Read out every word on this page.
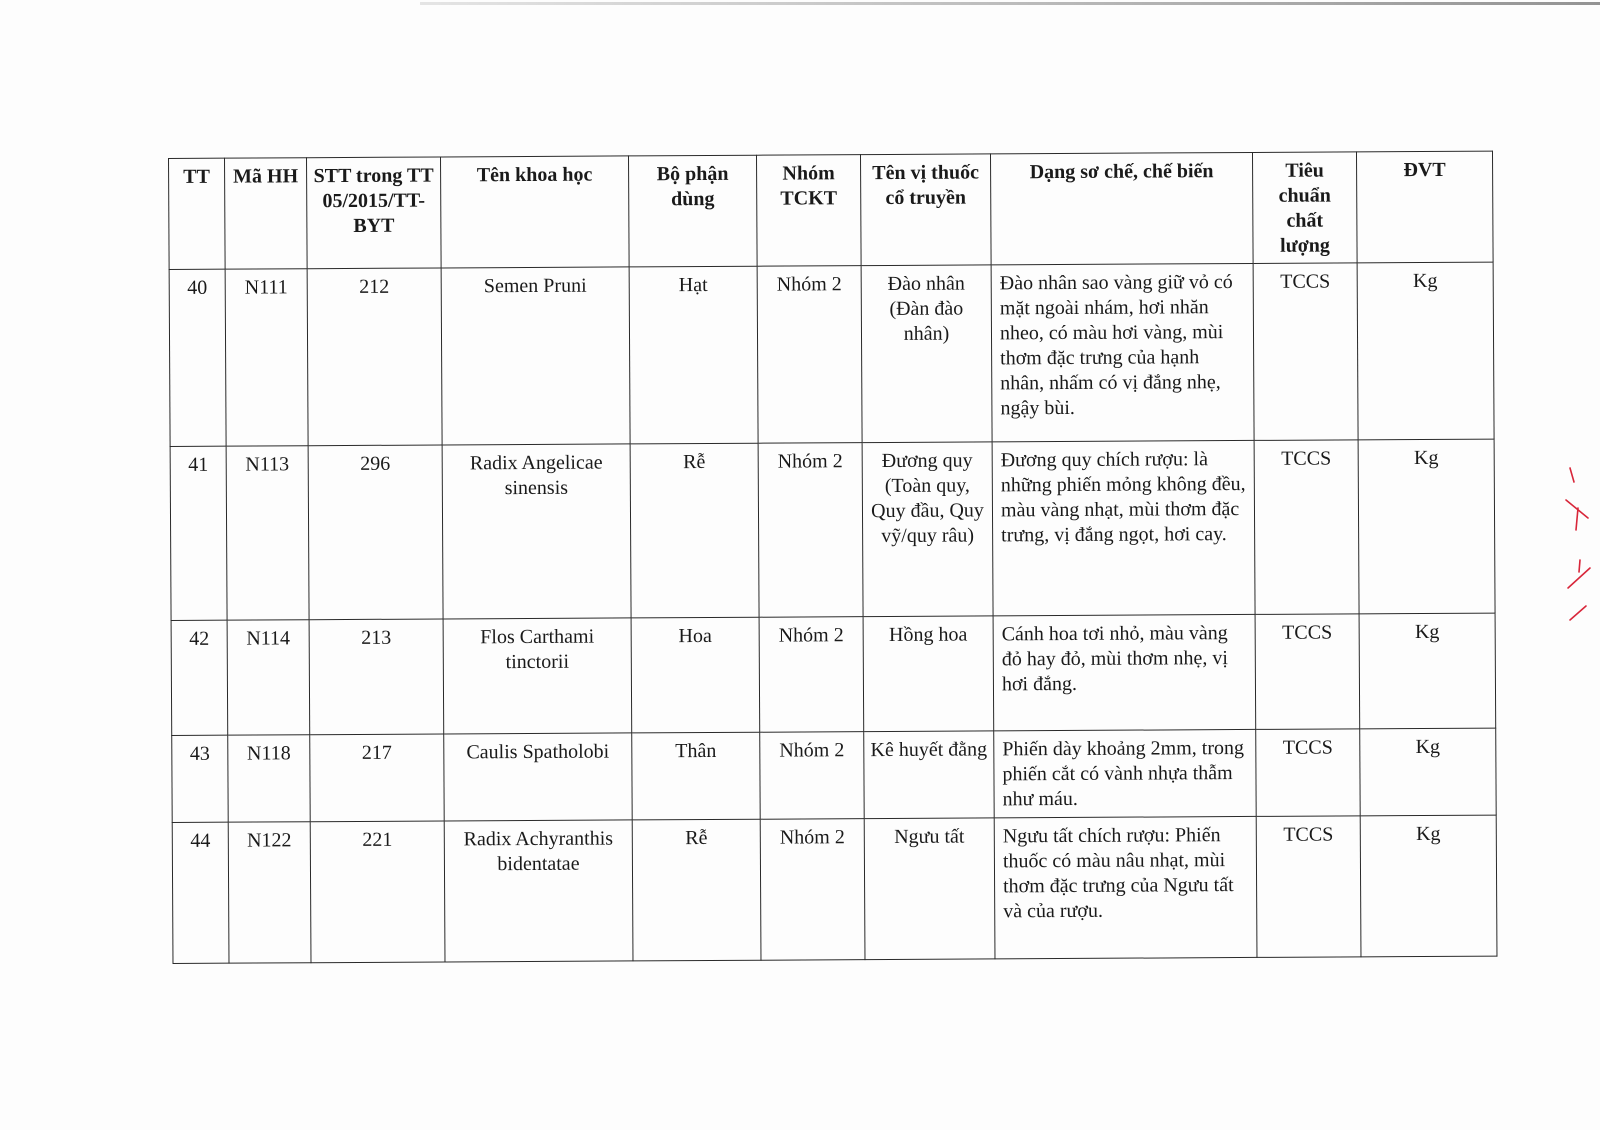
TT	Mã HH	STT trong TT 05/2015/TT-BYT	Tên khoa học	Bộ phận dùng	Nhóm TCKT	Tên vị thuốc cổ truyền	Dạng sơ chế, chế biến	Tiêu chuẩn chất lượng	ĐVT
40	N111	212	Semen Pruni	Hạt	Nhóm 2	Đào nhân (Đàn đào nhân)	Đào nhân sao vàng giữ vỏ có mặt ngoài nhám, hơi nhăn nheo, có màu hơi vàng, mùi thơm đặc trưng của hạnh nhân, nhấm có vị đắng nhẹ, ngậy bùi.	TCCS	Kg
41	N113	296	Radix Angelicae sinensis	Rễ	Nhóm 2	Đương quy (Toàn quy, Quy đầu, Quy vỹ/quy râu)	Đương quy chích rượu: là những phiến mỏng không đều, màu vàng nhạt, mùi thơm đặc trưng, vị đắng ngọt, hơi cay.	TCCS	Kg
42	N114	213	Flos Carthami tinctorii	Hoa	Nhóm 2	Hồng hoa	Cánh hoa tơi nhỏ, màu vàng đỏ hay đỏ, mùi thơm nhẹ, vị hơi đắng.	TCCS	Kg
43	N118	217	Caulis Spatholobi	Thân	Nhóm 2	Kê huyết đằng	Phiến dày khoảng 2mm, trong phiến cắt có vành nhựa thẫm như máu.	TCCS	Kg
44	N122	221	Radix Achyranthis bidentatae	Rễ	Nhóm 2	Ngưu tất	Ngưu tất chích rượu: Phiến thuốc có màu nâu nhạt, mùi thơm đặc trưng của Ngưu tất và của rượu.	TCCS	Kg
